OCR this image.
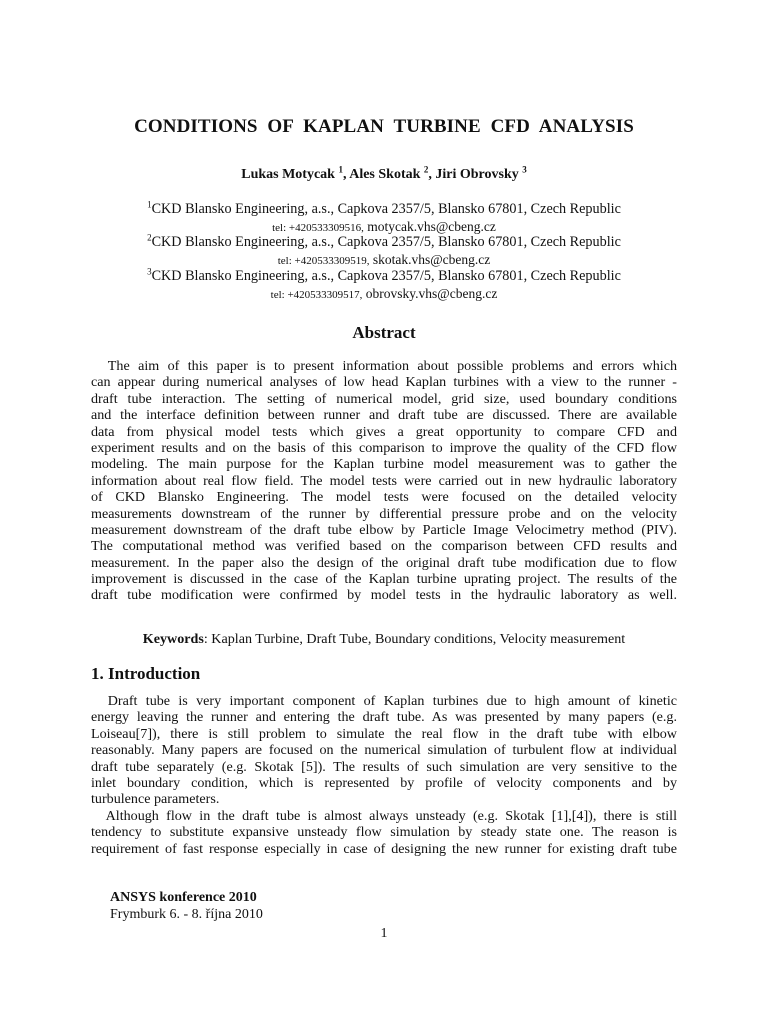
CONDITIONS OF KAPLAN TURBINE CFD ANALYSIS
Lukas Motycak $^1$, Ales Skotak $^2$, Jiri Obrovsky $^3$
$^1$CKD Blansko Engineering, a.s., Capkova 2357/5, Blansko 67801, Czech Republic
tel: +420533309516, motycak.vhs@cbeng.cz
$^2$CKD Blansko Engineering, a.s., Capkova 2357/5, Blansko 67801, Czech Republic
tel: +420533309519, skotak.vhs@cbeng.cz
$^3$CKD Blansko Engineering, a.s., Capkova 2357/5, Blansko 67801, Czech Republic
tel: +420533309517, obrovsky.vhs@cbeng.cz
Abstract
The aim of this paper is to present information about possible problems and errors which
can appear during numerical analyses of low head Kaplan turbines with a view to the runner -
draft tube interaction. The setting of numerical model, grid size, used boundary conditions
and the interface definition between runner and draft tube are discussed. There are available
data from physical model tests which gives a great opportunity to compare CFD and
experiment results and on the basis of this comparison to improve the quality of the CFD flow
modeling. The main purpose for the Kaplan turbine model measurement was to gather the
information about real flow field. The model tests were carried out in new hydraulic laboratory
of CKD Blansko Engineering. The model tests were focused on the detailed velocity
measurements downstream of the runner by differential pressure probe and on the velocity
measurement downstream of the draft tube elbow by Particle Image Velocimetry method (PIV).
The computational method was verified based on the comparison between CFD results and
measurement. In the paper also the design of the original draft tube modification due to flow
improvement is discussed in the case of the Kaplan turbine uprating project. The results of the
draft tube modification were confirmed by model tests in the hydraulic laboratory as well.
Keywords: Kaplan Turbine, Draft Tube, Boundary conditions, Velocity measurement
1. Introduction
Draft tube is very important component of Kaplan turbines due to high amount of kinetic
energy leaving the runner and entering the draft tube. As was presented by many papers (e.g.
Loiseau[7]), there is still problem to simulate the real flow in the draft tube with elbow
reasonably. Many papers are focused on the numerical simulation of turbulent flow at individual
draft tube separately (e.g. Skotak [5]). The results of such simulation are very sensitive to the
inlet boundary condition, which is represented by profile of velocity components and by
turbulence parameters.
Although flow in the draft tube is almost always unsteady (e.g. Skotak [1],[4]), there is still
tendency to substitute expansive unsteady flow simulation by steady state one. The reason is
requirement of fast response especially in case of designing the new runner for existing draft tube
ANSYS konference 2010
Frymburk 6. - 8. října 2010
1
